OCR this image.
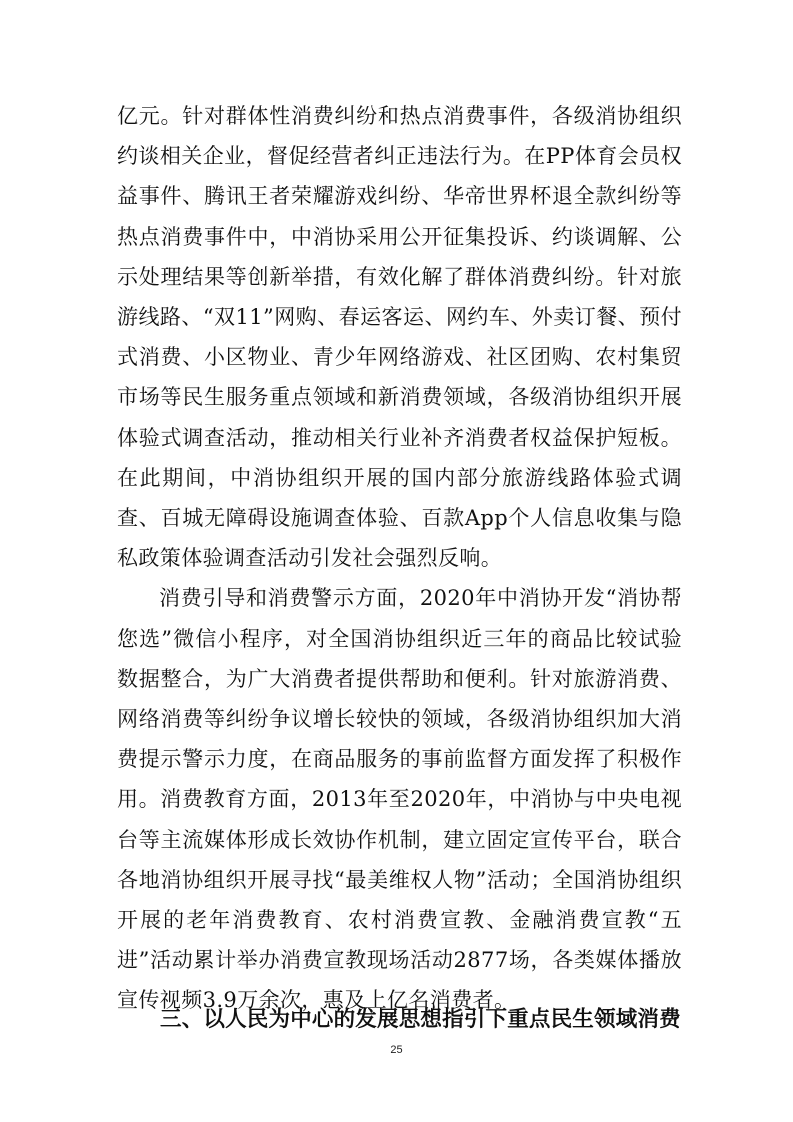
亿元。针对群体性消费纠纷和热点消费事件，各级消协组织约谈相关企业，督促经营者纠正违法行为。在PP体育会员权益事件、腾讯王者荣耀游戏纠纷、华帝世界杯退全款纠纷等热点消费事件中，中消协采用公开征集投诉、约谈调解、公示处理结果等创新举措，有效化解了群体消费纠纷。针对旅游线路、“双11”网购、春运客运、网约车、外卖订餐、预付式消费、小区物业、青少年网络游戏、社区团购、农村集贸市场等民生服务重点领域和新消费领域，各级消协组织开展体验式调查活动，推动相关行业补齐消费者权益保护短板。在此期间，中消协组织开展的国内部分旅游线路体验式调查、百城无障碍设施调查体验、百款App个人信息收集与隐私政策体验调查活动引发社会强烈反响。

消费引导和消费警示方面，2020年中消协开发“消协帮您选”微信小程序，对全国消协组织近三年的商品比较试验数据整合，为广大消费者提供帮助和便利。针对旅游消费、网络消费等纠纷争议增长较快的领域，各级消协组织加大消费提示警示力度，在商品服务的事前监督方面发挥了积极作用。消费教育方面，2013年至2020年，中消协与中央电视台等主流媒体形成长效协作机制，建立固定宣传平台，联合各地消协组织开展寻找“最美维权人物”活动；全国消协组织开展的老年消费教育、农村消费宣教、金融消费宣教“五进”活动累计举办消费宣教现场活动2877场，各类媒体播放宣传视频3.9万余次，惠及上亿名消费者。

三、以人民为中心的发展思想指引下重点民生领域消费
25
